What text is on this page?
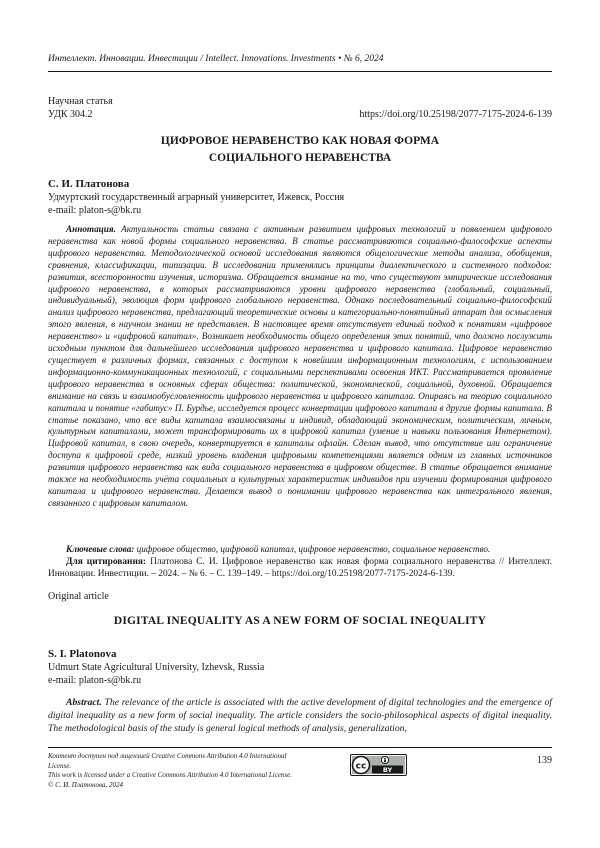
Интеллект. Инновации. Инвестиции / Intellect. Innovations. Investments • № 6, 2024
Научная статья
УДК 304.2	https://doi.org/10.25198/2077-7175-2024-6-139
ЦИФРОВОЕ НЕРАВЕНСТВО КАК НОВАЯ ФОРМА
СОЦИАЛЬНОГО НЕРАВЕНСТВА
С. И. Платонова
Удмуртский государственный аграрный университет, Ижевск, Россия
e-mail: platon-s@bk.ru

Аннотация. Актуальность статьи связана с активным развитием цифровых технологий и появлением цифрового неравенства как новой формы социального неравенства. В статье рассматриваются социально-философские аспекты цифрового неравенства. Методологической основой исследования являются общелогические методы анализа, обобщения, сравнения, классификации, типизации. В исследовании применялись принципы диалектического и системного подходов: развития, всесторонности изучения, историзма. Обращается внимание на то, что существуют эмпирические исследования цифрового неравенства, в которых рассматриваются уровни цифрового неравенства (глобальный, социальный, индивидуальный), эволюция форм цифрового глобального неравенства. Однако последовательный социально-философский анализ цифрового неравенства, предлагающий теоретические основы и категориально-понятийный аппарат для осмысления этого явления, в научном знании не представлен. В настоящее время отсутствует единый подход к понятиям «цифровое неравенство» и «цифровой капитал». Возникает необходимость общего определения этих понятий, что должно послужить исходным пунктом для дальнейшего исследования цифрового неравенства и цифрового капитала. Цифровое неравенство существует в различных формах, связанных с доступом к новейшим информационным технологиям, с использованием информационно-коммуникационных технологий, с социальными перспективами освоения ИКТ. Рассматривается проявление цифрового неравенства в основных сферах общества: политической, экономической, социальной, духовной. Обращается внимание на связь и взаимообусловленность цифрового неравенства и цифрового капитала. Опираясь на теорию социального капитала и понятие «габитус» П. Бурдье, исследуется процесс конвертации цифрового капитала в другие формы капитала. В статье показано, что все виды капитала взаимосвязаны и индивид, обладающий экономическим, политическим, личным, культурным капиталами, может трансформировать их в цифровой капитал (умение и навыки пользования Интернетом). Цифровой капитал, в свою очередь, конвертируется в капиталы офлайн. Сделан вывод, что отсутствие или ограничение доступа к цифровой среде, низкий уровень владения цифровыми компетенциями является одним из главных источников развития цифрового неравенства как вида социального неравенства в цифровом обществе. В статье обращается внимание также на необходимость учёта социальных и культурных характеристик индивидов при изучении формирования цифрового капитала и цифрового неравенства. Делается вывод о понимании цифрового неравенства как интегрального явления, связанного с цифровым капиталом.

Ключевые слова: цифровое общество, цифровой капитал, цифровое неравенство, социальное неравенство.

Для цитирования: Платонова С. И. Цифровое неравенство как новая форма социального неравенства // Интеллект. Инновации. Инвестиции. – 2024. – № 6. – С. 139–149. – https://doi.org/10.25198/2077-7175-2024-6-139.

Original article
DIGITAL INEQUALITY AS A NEW FORM OF SOCIAL INEQUALITY
S. I. Platonova
Udmurt State Agricultural University, Izhevsk, Russia
e-mail: platon-s@bk.ru

Abstract. The relevance of the article is associated with the active development of digital technologies and the emergence of digital inequality as a new form of social inequality. The article considers the socio-philosophical aspects of digital inequality. The methodological basis of the study is general logical methods of analysis, generalization,

Контент доступен под лицензией Creative Commons Attribution 4.0 International License.
This work is licensed under a Creative Commons Attribution 4.0 International License.
© С. И. Платонова, 2024
cc	BY
139
